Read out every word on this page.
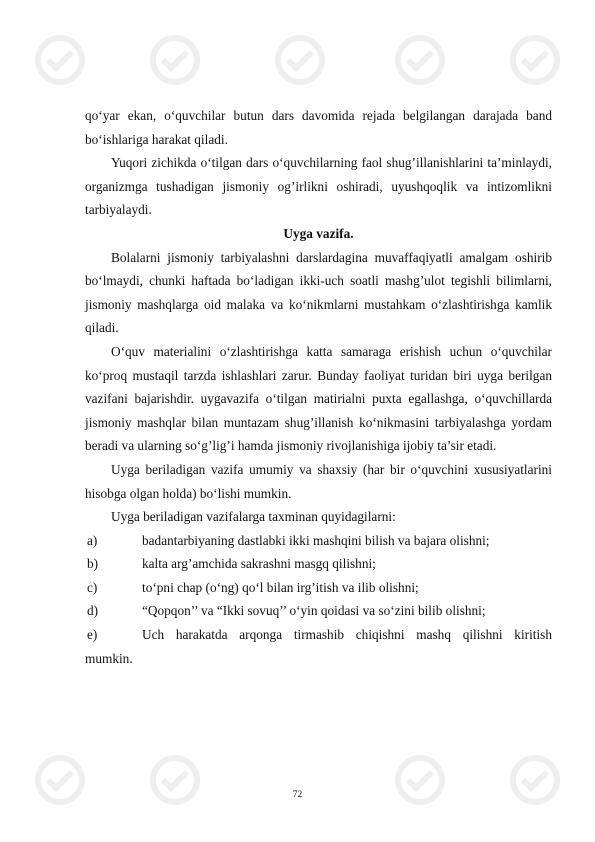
qo‘yar ekan, o‘quvchilar butun dars davomida rejada belgilangan darajada band bo‘ishlariga harakat qiladi.

Yuqori zichikda o‘tilgan dars o‘quvchilarning faol shug’illanishlarini ta’minlaydi, organizmga tushadigan jismoniy og’irlikni oshiradi, uyushqoqlik va intizomlikni tarbiyalaydi.

Uyga vazifa.

Bolalarni jismoniy tarbiyalashni darslardagina muvaffaqiyatli amalgam oshirib bo‘lmaydi, chunki haftada bo‘ladigan ikki-uch soatli mashg’ulot tegishli bilimlarni, jismoniy mashqlarga oid malaka va ko‘nikmlarni mustahkam o‘zlashtirishga kamlik qiladi.

O‘quv materialini o‘zlashtirishga katta samaraga erishish uchun o‘quvchilar ko‘proq mustaqil tarzda ishlashlari zarur. Bunday faoliyat turidan biri uyga berilgan vazifani bajarishdir. uygavazifa o‘tilgan matirialni puxta egallashga, o‘quvchillarda jismoniy mashqlar bilan muntazam shug’illanish ko‘nikmasini tarbiyalashga yordam beradi va ularning so‘g’lig’i hamda jismoniy rivojlanishiga ijobiy ta’sir etadi.

Uyga beriladigan vazifa umumiy va shaxsiy (har bir o‘quvchini xususiyatlarini hisobga olgan holda) bo‘lishi mumkin.

Uyga beriladigan vazifalarga taxminan quyidagilarni:

a)	badantarbiyaning dastlabki ikki mashqini bilish va bajara olishni;
b)	kalta arg’amchida sakrashni masgq qilishni;
c)	to‘pni chap (o‘ng) qo‘l bilan irg’itish va ilib olishni;
d)	“Qopqon’’ va “Ikki sovuq’’ o‘yin qoidasi va so‘zini bilib olishni;
e)	Uch harakatda arqonga tirmashib chiqishni mashq qilishni kiritish
mumkin.
72
